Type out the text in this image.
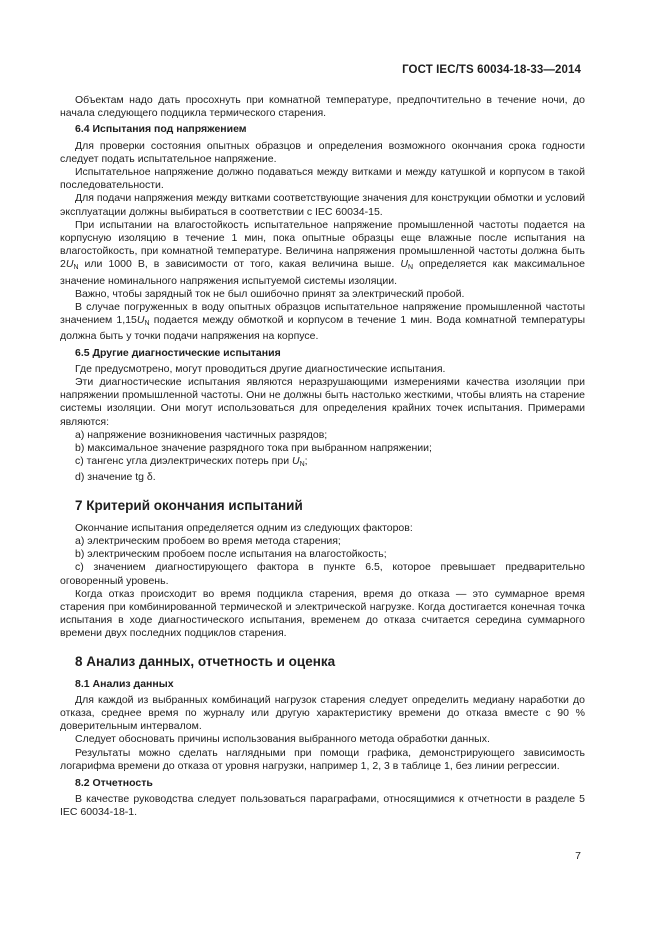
ГОСТ IEC/TS 60034-18-33—2014

Объектам надо дать просохнуть при комнатной температуре, предпочтительно в течение ночи, до начала следующего подцикла термического старения.

6.4 Испытания под напряжением

Для проверки состояния опытных образцов и определения возможного окончания срока годности следует подать испытательное напряжение.

Испытательное напряжение должно подаваться между витками и между катушкой и корпусом в такой последовательности.

Для подачи напряжения между витками соответствующие значения для конструкции обмотки и условий эксплуатации должны выбираться в соответствии с IEC 60034-15.

При испытании на влагостойкость испытательное напряжение промышленной частоты подается на корпусную изоляцию в течение 1 мин, пока опытные образцы еще влажные после испытания на влагостойкость, при комнатной температуре. Величина напряжения промышленной частоты должна быть $2U_N$ или 1000 В, в зависимости от того, какая величина выше. $U_N$ определяется как максимальное значение номинального напряжения испытуемой системы изоляции.

Важно, чтобы зарядный ток не был ошибочно принят за электрический пробой.

В случае погруженных в воду опытных образцов испытательное напряжение промышленной частоты значением $1,15U_N$ подается между обмоткой и корпусом в течение 1 мин. Вода комнатной температуры должна быть у точки подачи напряжения на корпусе.

6.5 Другие диагностические испытания

Где предусмотрено, могут проводиться другие диагностические испытания.

Эти диагностические испытания являются неразрушающими измерениями качества изоляции при напряжении промышленной частоты. Они не должны быть настолько жесткими, чтобы влиять на старение системы изоляции. Они могут использоваться для определения крайних точек испытания. Примерами являются:

a) напряжение возникновения частичных разрядов;

b) максимальное значение разрядного тока при выбранном напряжении;

c) тангенс угла диэлектрических потерь при $U_N$;

d) значение tg δ.

7 Критерий окончания испытаний

Окончание испытания определяется одним из следующих факторов:

a) электрическим пробоем во время метода старения;

b) электрическим пробоем после испытания на влагостойкость;

c) значением диагностирующего фактора в пункте 6.5, которое превышает предварительно оговоренный уровень.

Когда отказ происходит во время подцикла старения, время до отказа — это суммарное время старения при комбинированной термической и электрической нагрузке. Когда достигается конечная точка испытания в ходе диагностического испытания, временем до отказа считается середина суммарного времени двух последних подциклов старения.

8 Анализ данных, отчетность и оценка

8.1 Анализ данных

Для каждой из выбранных комбинаций нагрузок старения следует определить медиану наработки до отказа, среднее время по журналу или другую характеристику времени до отказа вместе с 90 % доверительным интервалом.

Следует обосновать причины использования выбранного метода обработки данных.

Результаты можно сделать наглядными при помощи графика, демонстрирующего зависимость логарифма времени до отказа от уровня нагрузки, например 1, 2, 3 в таблице 1, без линии регрессии.

8.2 Отчетность

В качестве руководства следует пользоваться параграфами, относящимися к отчетности в разделе 5 IEC 60034-18-1.

7
